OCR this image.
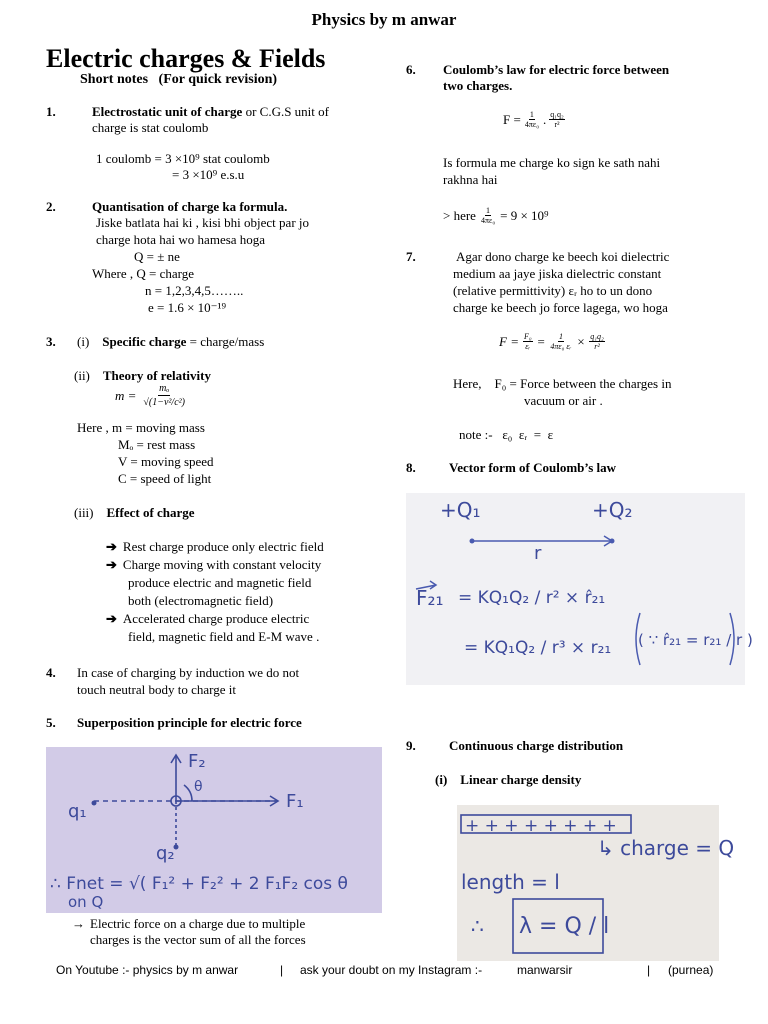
Physics by m anwar
Electric charges & Fields
Short notes   (For quick revision)
1.	Electrostatic unit of charge or C.G.S unit of
charge is stat coulomb
1 coulomb = 3 ×10⁹ stat coulomb
= 3 ×10⁹ e.s.u
2.	Quantisation of charge ka formula.
Jiske batlata hai ki , kisi bhi object par jo
charge hota hai wo hamesa hoga
Q = ± ne
Where , Q = charge
n = 1,2,3,4,5……..
e = 1.6 × 10⁻¹⁹
3. (i) Specific charge = charge/mass
(ii) Theory of relativity
$m = \frac{\text{mₒ}}{\text{√(1−v²/c²)}}$
Here , m = moving mass
Mₒ = rest mass
V = moving speed
C = speed of light
(iii) Effect of charge
➔ Rest charge produce only electric field
➔ Charge moving with constant velocity
produce electric and magnetic field
both (electromagnetic field)
➔ Accelerated charge produce electric
field, magnetic field and E-M wave .
4. In case of charging by induction we do not
touch neutral body to charge it
5. Superposition principle for electric force
q₁
q₂
F₁
F₂
θ
∴ Fnet = √( F₁² + F₂² + 2 F₁F₂ cos θ
on Q
→ Electric force on a charge due to multiple
charges is the vector sum of all the forces
6. Coulomb’s law for electric force between
two charges.
$F = \frac{1}{\text{4πε₀}}$ . $\frac{\text{q₁q₂}}{\text{r²}}$
Is formula me charge ko sign ke sath nahi
rakhna hai
> here $\frac{1}{\text{4πε₀}} = 9 \times 10^9$
7.	Agar dono charge ke beech koi dielectric
medium aa jaye jiska dielectric constant
(relative permittivity) εᵣ ho to un dono
charge ke beech jo force lagega, wo hoga
$F = \frac{\text{F₀}}{\text{εᵣ}} = \frac{1}{\text{4πε₀ εᵣ}} \times \frac{\text{q₁q₂}}{\text{r²}}$
Here,    F₀ = Force between the charges in
vacuum or air .
note :-   ε₀  εᵣ  =  ε
8.	Vector form of Coulomb’s law
+Q₁	+Q₂
r
F₂₁ = KQ₁Q₂ / r² × r̂₂₁
= KQ₁Q₂ / r³ × r₂₁ ( ∵ r̂₂₁ = r₂₁ / r )
9.	Continuous charge distribution
(i) Linear charge density
+ + + + + + + +
↳ charge = Q
length = l
∴ λ = Q / l
On Youtube :- physics by m anwar	| ask your doubt on my Instagram :-	manwarsir	| (purnea)
